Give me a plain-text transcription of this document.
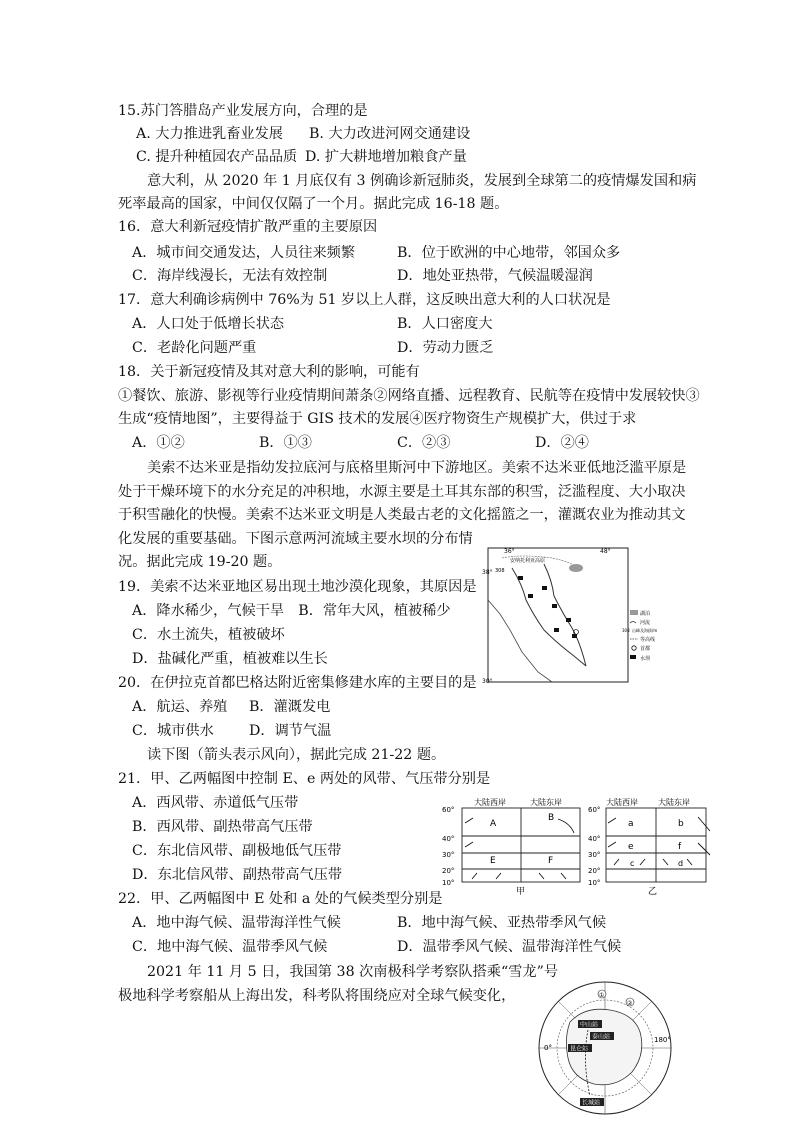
15.苏门答腊岛产业发展方向，合理的是
A. 大力推进乳畜业发展 B. 大力改进河网交通建设
C. 提升种植园农产品品质 D. 扩大耕地增加粮食产量
意大利，从 2020 年 1 月底仅有 3 例确诊新冠肺炎，发展到全球第二的疫情爆发国和病
死率最高的国家，中间仅仅隔了一个月。据此完成 16-18 题。
16．意大利新冠疫情扩散严重的主要原因
A．城市间交通发达，人员往来频繁	B．位于欧洲的中心地带，邻国众多
C．海岸线漫长，无法有效控制	D．地处亚热带，气候温暖湿润
17．意大利确诊病例中 76%为 51 岁以上人群，这反映出意大利的人口状况是
A．人口处于低增长状态	B．人口密度大
C．老龄化问题严重	D．劳动力匮乏
18．关于新冠疫情及其对意大利的影响，可能有
①餐饮、旅游、影视等行业疫情期间萧条②网络直播、远程教育、民航等在疫情中发展较快③
生成“疫情地图”，主要得益于 GIS 技术的发展④医疗物资生产规模扩大，供过于求
A．①②	B．①③	C．②③	D．②④
美索不达米亚是指幼发拉底河与底格里斯河中下游地区。美索不达米亚低地泛滥平原是
处于干燥环境下的水分充足的冲积地，水源主要是土耳其东部的积雪，泛滥程度、大小取决
于积雪融化的快慢。美索不达米亚文明是人类最古老的文化摇篮之一，灌溉农业为推动其文
化发展的重要基础。下图示意两河流域主要水坝的分布情
况。据此完成 19-20 题。
19．美索不达米亚地区易出现土地沙漠化现象，其原因是
A．降水稀少，气候干旱　B．常年大风，植被稀少
C．水土流失，植被破坏
D．盐碱化严重，植被难以生长
20．在伊拉克首都巴格达附近密集修建水库的主要目的是
A．航运、养殖 B．灌溉发电
C．城市供水 D．调节气温
读下图（箭头表示风向），据此完成 21-22 题。
21．甲、乙两幅图中控制 E、e 两处的风带、气压带分别是
A．西风带、赤道低气压带
B．西风带、副热带高气压带
C．东北信风带、副极地低气压带
D．东北信风带、副热带高气压带
22．甲、乙两幅图中 E 处和 a 处的气候类型分别是
A．地中海气候、温带海洋性气候	B．地中海气候、亚热带季风气候
C．地中海气候、温带季风气候	D．温带季风气候、温带海洋性气候
2021 年 11 月 5 日，我国第 38 次南极科学考察队搭乘“雪龙”号
极地科学考察船从上海出发，科考队将围绕应对全球气候变化，
36°	48°
38°
30°
安纳托利亚高原
308
湖泊
河流
308 山峰及海拔/m
等高线
首都
水坝
大陆西岸	大陆东岸
60°
40°
30°
20°
10°
A
B
E	F
甲
大陆西岸	大陆东岸
60°
40°
30°
20°
10°
a	b
e	f
c	d
乙
0°
180°
①
②
中山站
泰山站
昆仑站
长城站
